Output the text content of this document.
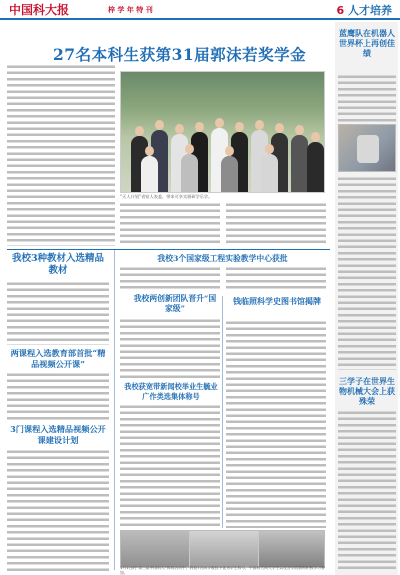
中国科大报	梓 学 年 特 刊	6 人才培养
27名本科生获第31届郭沫若奖学金
“天人计划”省钻人表委，带来可享宾颁研学乐学。
我校3种教材入选精品教材
两课程入选教育部首批“精品视频公开课”
3门课程入选精品视频公开课建设计划
我校3个国家级工程实验教学中心获批
我校两创新团队晋升“国家级”
我校获宽带新闻校举业生毓业广作类选集体称号
钱临照科学史图书馆揭牌
1月1日的“第三届中国科大”体育活动中，我校7名同学被授予优秀学生称号，中国科大同大学生以及各学院教师积极学习参加。
蓝鹰队在机器人世界杯上再创佳绩
三学子在世界生物机械大会上获殊荣
